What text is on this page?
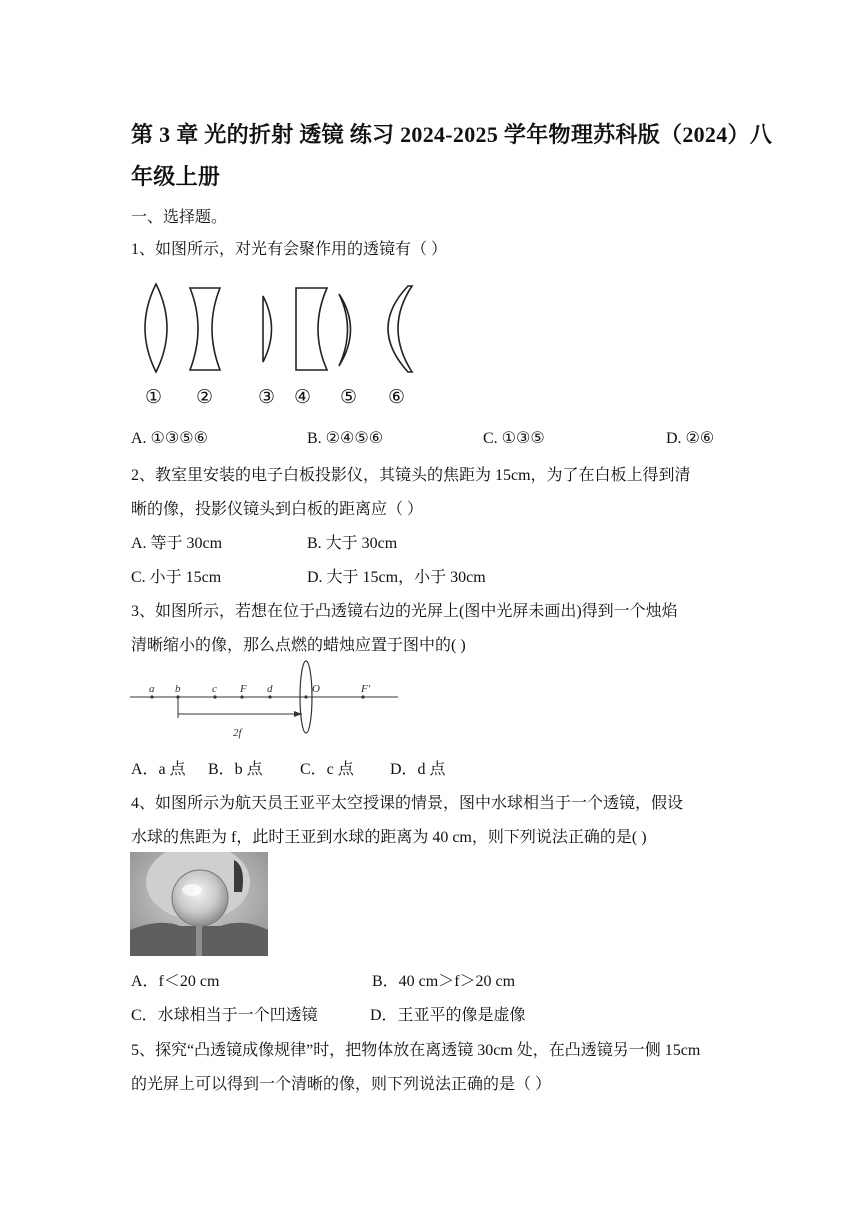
第 3 章 光的折射 透镜 练习 2024-2025 学年物理苏科版（2024）八
年级上册
一、选择题。
1、如图所示，对光有会聚作用的透镜有（ ）
① ② ③ ④ ⑤ ⑥
A. ①③⑤⑥	B. ②④⑤⑥	C. ①③⑤	D. ②⑥
2、教室里安装的电子白板投影仪，其镜头的焦距为 15cm，为了在白板上得到清
晰的像，投影仪镜头到白板的距离应（ ）
A. 等于 30cm	B. 大于 30cm
C. 小于 15cm	D. 大于 15cm，小于 30cm
3、如图所示，若想在位于凸透镜右边的光屏上(图中光屏未画出)得到一个烛焰
清晰缩小的像，那么点燃的蜡烛应置于图中的( )
a b	c F d	O	F′
2f
A．a 点 B．b 点 C．c 点 D．d 点
4、如图所示为航天员王亚平太空授课的情景，图中水球相当于一个透镜，假设
水球的焦距为 f，此时王亚到水球的距离为 40 cm，则下列说法正确的是( )
A．f＜20 cm	B．40 cm＞f＞20 cm
C．水球相当于一个凹透镜	D．王亚平的像是虚像
5、探究“凸透镜成像规律”时，把物体放在离透镜 30cm 处，在凸透镜另一侧 15cm
的光屏上可以得到一个清晰的像，则下列说法正确的是（ ）
